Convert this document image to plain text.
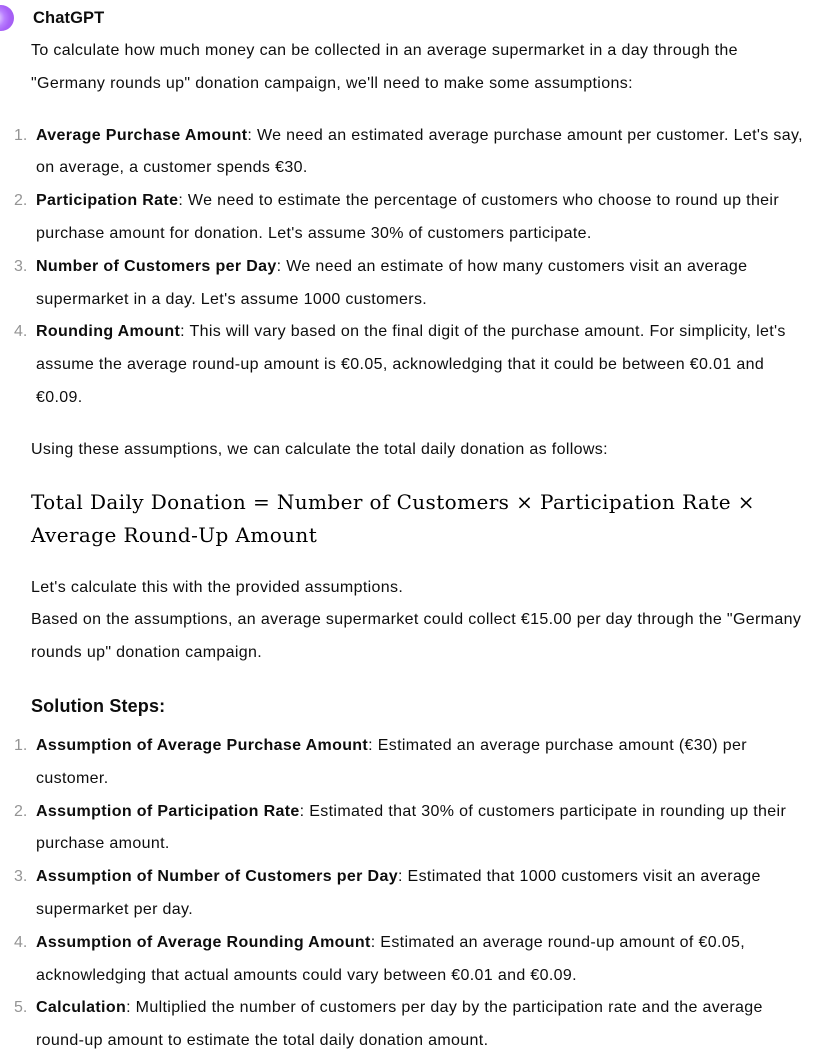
ChatGPT

To calculate how much money can be collected in an average supermarket in a day through the "Germany rounds up" donation campaign, we'll need to make some assumptions:

1. Average Purchase Amount: We need an estimated average purchase amount per customer. Let's say, on average, a customer spends €30.
2. Participation Rate: We need to estimate the percentage of customers who choose to round up their purchase amount for donation. Let's assume 30% of customers participate.
3. Number of Customers per Day: We need an estimate of how many customers visit an average supermarket in a day. Let's assume 1000 customers.
4. Rounding Amount: This will vary based on the final digit of the purchase amount. For simplicity, let's assume the average round-up amount is €0.05, acknowledging that it could be between €0.01 and €0.09.

Using these assumptions, we can calculate the total daily donation as follows:

Total Daily Donation = Number of Customers × Participation Rate ×
Average Round-Up Amount

Let's calculate this with the provided assumptions.
Based on the assumptions, an average supermarket could collect €15.00 per day through the "Germany rounds up" donation campaign.

Solution Steps:
1. Assumption of Average Purchase Amount: Estimated an average purchase amount (€30) per customer.
2. Assumption of Participation Rate: Estimated that 30% of customers participate in rounding up their purchase amount.
3. Assumption of Number of Customers per Day: Estimated that 1000 customers visit an average supermarket per day.
4. Assumption of Average Rounding Amount: Estimated an average round-up amount of €0.05, acknowledging that actual amounts could vary between €0.01 and €0.09.
5. Calculation: Multiplied the number of customers per day by the participation rate and the average round-up amount to estimate the total daily donation amount.
